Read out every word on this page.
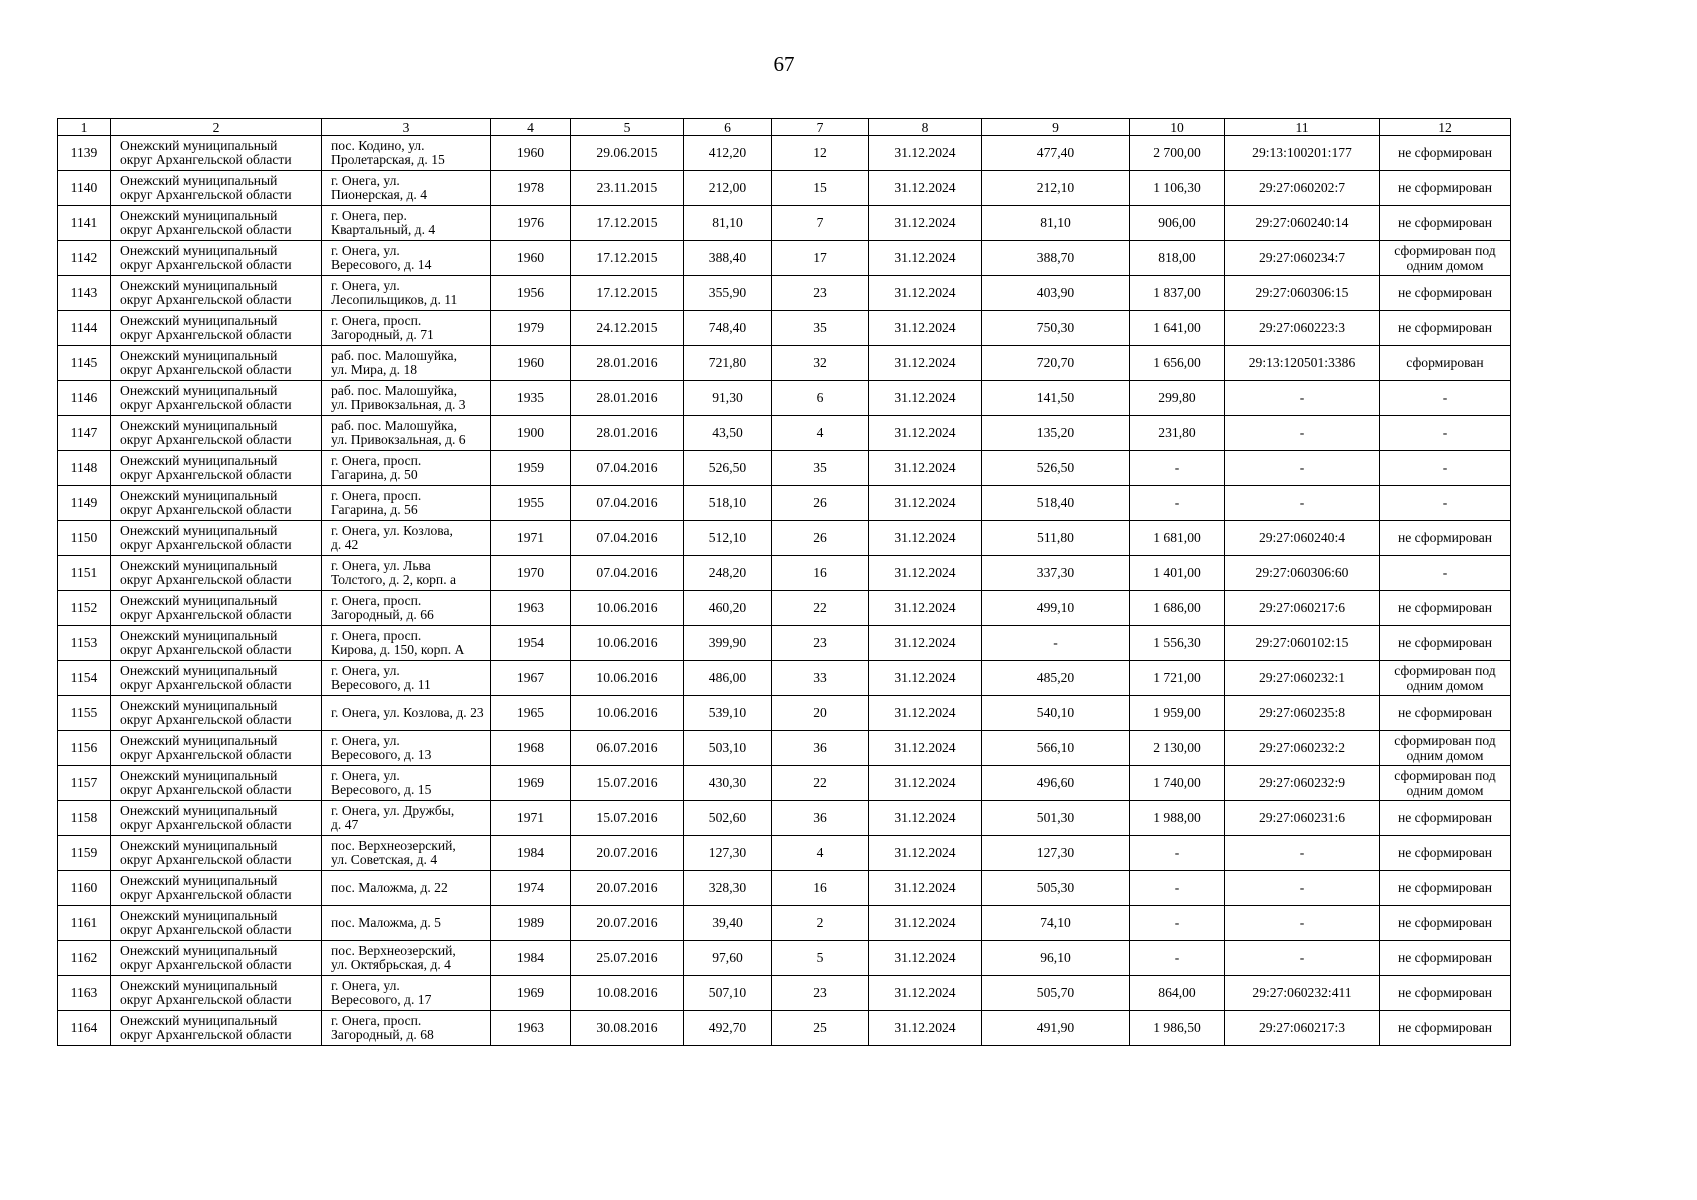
67
1	2	3	4	5	6	7	8	9	10	11	12
1139	Онежский муниципальный
округ Архангельской области	пос. Кодино, ул.
Пролетарская, д. 15	1960	29.06.2015	412,20	12	31.12.2024	477,40	2 700,00	29:13:100201:177	не сформирован
1140	Онежский муниципальный
округ Архангельской области	г. Онега, ул.
Пионерская, д. 4	1978	23.11.2015	212,00	15	31.12.2024	212,10	1 106,30	29:27:060202:7	не сформирован
1141	Онежский муниципальный
округ Архангельской области	г. Онега, пер.
Квартальный, д. 4	1976	17.12.2015	81,10	7	31.12.2024	81,10	906,00	29:27:060240:14	не сформирован
1142	Онежский муниципальный
округ Архангельской области	г. Онега, ул.
Вересового, д. 14	1960	17.12.2015	388,40	17	31.12.2024	388,70	818,00	29:27:060234:7	сформирован под
одним домом
1143	Онежский муниципальный
округ Архангельской области	г. Онега, ул.
Лесопильщиков, д. 11	1956	17.12.2015	355,90	23	31.12.2024	403,90	1 837,00	29:27:060306:15	не сформирован
1144	Онежский муниципальный
округ Архангельской области	г. Онега, просп.
Загородный, д. 71	1979	24.12.2015	748,40	35	31.12.2024	750,30	1 641,00	29:27:060223:3	не сформирован
1145	Онежский муниципальный
округ Архангельской области	раб. пос. Малошуйка,
ул. Мира, д. 18	1960	28.01.2016	721,80	32	31.12.2024	720,70	1 656,00	29:13:120501:3386	сформирован
1146	Онежский муниципальный
округ Архангельской области	раб. пос. Малошуйка,
ул. Привокзальная, д. 3	1935	28.01.2016	91,30	6	31.12.2024	141,50	299,80	-	-
1147	Онежский муниципальный
округ Архангельской области	раб. пос. Малошуйка,
ул. Привокзальная, д. 6	1900	28.01.2016	43,50	4	31.12.2024	135,20	231,80	-	-
1148	Онежский муниципальный
округ Архангельской области	г. Онега, просп.
Гагарина, д. 50	1959	07.04.2016	526,50	35	31.12.2024	526,50	-	-	-
1149	Онежский муниципальный
округ Архангельской области	г. Онега, просп.
Гагарина, д. 56	1955	07.04.2016	518,10	26	31.12.2024	518,40	-	-	-
1150	Онежский муниципальный
округ Архангельской области	г. Онега, ул. Козлова,
д. 42	1971	07.04.2016	512,10	26	31.12.2024	511,80	1 681,00	29:27:060240:4	не сформирован
1151	Онежский муниципальный
округ Архангельской области	г. Онега, ул. Льва
Толстого, д. 2, корп. а	1970	07.04.2016	248,20	16	31.12.2024	337,30	1 401,00	29:27:060306:60	-
1152	Онежский муниципальный
округ Архангельской области	г. Онега, просп.
Загородный, д. 66	1963	10.06.2016	460,20	22	31.12.2024	499,10	1 686,00	29:27:060217:6	не сформирован
1153	Онежский муниципальный
округ Архангельской области	г. Онега, просп.
Кирова, д. 150, корп. А	1954	10.06.2016	399,90	23	31.12.2024	-	1 556,30	29:27:060102:15	не сформирован
1154	Онежский муниципальный
округ Архангельской области	г. Онега, ул.
Вересового, д. 11	1967	10.06.2016	486,00	33	31.12.2024	485,20	1 721,00	29:27:060232:1	сформирован под
одним домом
1155	Онежский муниципальный
округ Архангельской области	г. Онега, ул. Козлова, д. 23	1965	10.06.2016	539,10	20	31.12.2024	540,10	1 959,00	29:27:060235:8	не сформирован
1156	Онежский муниципальный
округ Архангельской области	г. Онега, ул.
Вересового, д. 13	1968	06.07.2016	503,10	36	31.12.2024	566,10	2 130,00	29:27:060232:2	сформирован под
одним домом
1157	Онежский муниципальный
округ Архангельской области	г. Онега, ул.
Вересового, д. 15	1969	15.07.2016	430,30	22	31.12.2024	496,60	1 740,00	29:27:060232:9	сформирован под
одним домом
1158	Онежский муниципальный
округ Архангельской области	г. Онега, ул. Дружбы,
д. 47	1971	15.07.2016	502,60	36	31.12.2024	501,30	1 988,00	29:27:060231:6	не сформирован
1159	Онежский муниципальный
округ Архангельской области	пос. Верхнеозерский,
ул. Советская, д. 4	1984	20.07.2016	127,30	4	31.12.2024	127,30	-	-	не сформирован
1160	Онежский муниципальный
округ Архангельской области	пос. Маложма, д. 22	1974	20.07.2016	328,30	16	31.12.2024	505,30	-	-	не сформирован
1161	Онежский муниципальный
округ Архангельской области	пос. Маложма, д. 5	1989	20.07.2016	39,40	2	31.12.2024	74,10	-	-	не сформирован
1162	Онежский муниципальный
округ Архангельской области	пос. Верхнеозерский,
ул. Октябрьская, д. 4	1984	25.07.2016	97,60	5	31.12.2024	96,10	-	-	не сформирован
1163	Онежский муниципальный
округ Архангельской области	г. Онега, ул.
Вересового, д. 17	1969	10.08.2016	507,10	23	31.12.2024	505,70	864,00	29:27:060232:411	не сформирован
1164	Онежский муниципальный
округ Архангельской области	г. Онега, просп.
Загородный, д. 68	1963	30.08.2016	492,70	25	31.12.2024	491,90	1 986,50	29:27:060217:3	не сформирован
